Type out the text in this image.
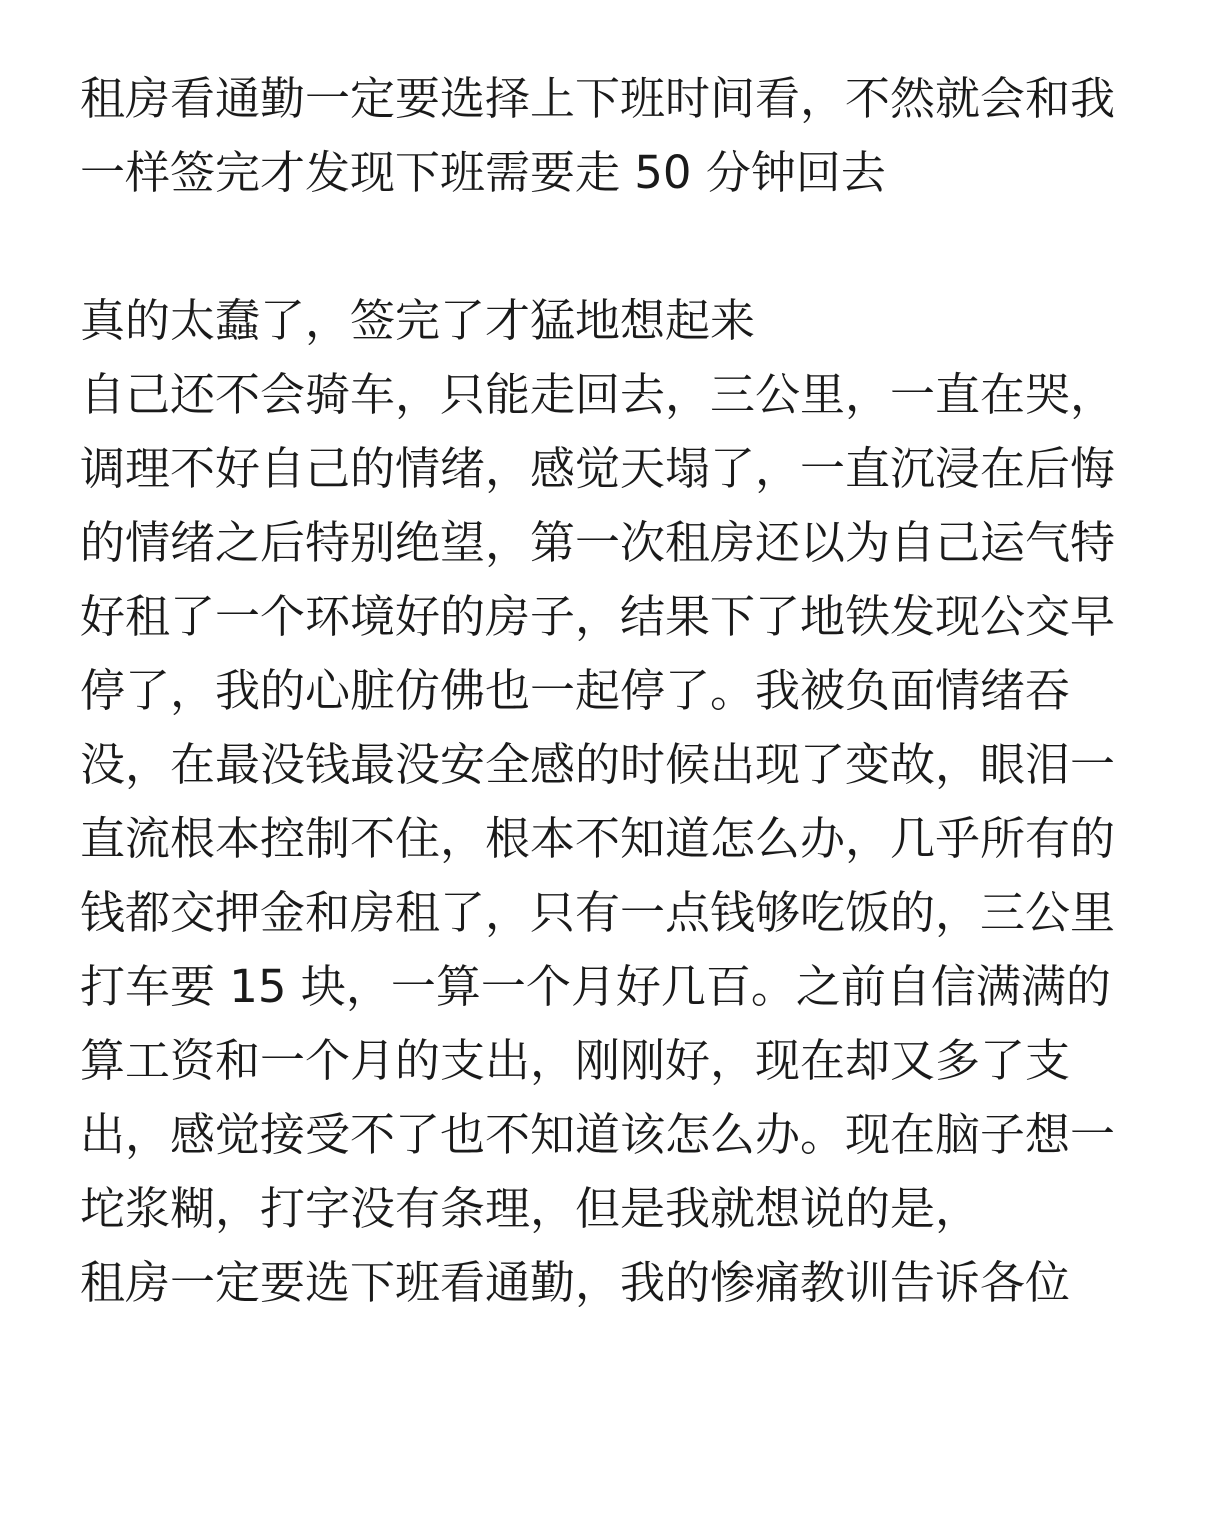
租房看通勤一定要选择上下班时间看，不然就会和我一样签完才发现下班需要走 50 分钟回去

真的太蠢了，签完了才猛地想起来

自己还不会骑车，只能走回去，三公里，一直在哭，调理不好自己的情绪，感觉天塌了，一直沉浸在后悔的情绪之后特别绝望，第一次租房还以为自己运气特好租了一个环境好的房子，结果下了地铁发现公交早停了，我的心脏仿佛也一起停了。我被负面情绪吞没，在最没钱最没安全感的时候出现了变故，眼泪一直流根本控制不住，根本不知道怎么办，几乎所有的钱都交押金和房租了，只有一点钱够吃饭的，三公里打车要 15 块，一算一个月好几百。之前自信满满的算工资和一个月的支出，刚刚好，现在却又多了支出，感觉接受不了也不知道该怎么办。现在脑子想一坨浆糊，打字没有条理，但是我就想说的是，

租房一定要选下班看通勤，我的惨痛教训告诉各位
